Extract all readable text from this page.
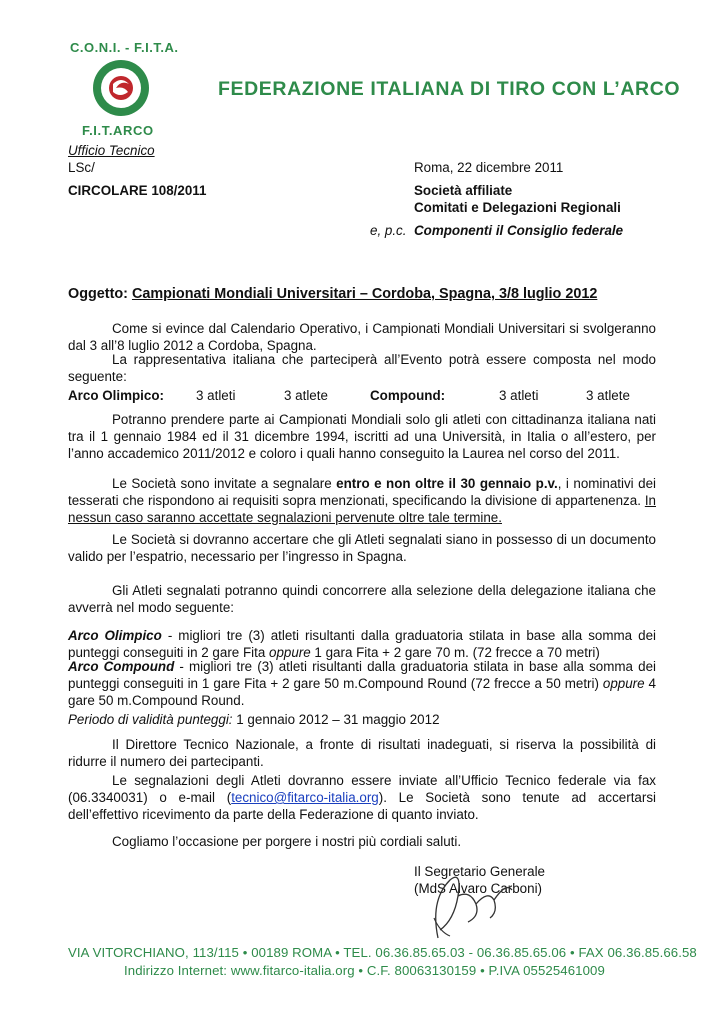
C.O.N.I. - F.I.T.A.
F.I.T.ARCO
FEDERAZIONE ITALIANA DI TIRO CON L’ARCO
Ufficio Tecnico
LSc/	Roma, 22 dicembre 2011
CIRCOLARE 108/2011	Società affiliate
Comitati e Delegazioni Regionali
e, p.c. Componenti il Consiglio federale
Oggetto: Campionati Mondiali Universitari – Cordoba, Spagna, 3/8 luglio 2012
Come si evince dal Calendario Operativo, i Campionati Mondiali Universitari si svolgeranno dal 3 all’8 luglio 2012 a Cordoba, Spagna.
La rappresentativa italiana che parteciperà all’Evento potrà essere composta nel modo seguente:
Arco Olimpico: 3 atleti	3 atlete	Compound:	3 atleti	3 atlete
Potranno prendere parte ai Campionati Mondiali solo gli atleti con cittadinanza italiana nati tra il 1 gennaio 1984 ed il 31 dicembre 1994, iscritti ad una Università, in Italia o all’estero, per l’anno accademico 2011/2012 e coloro i quali hanno conseguito la Laurea nel corso del 2011.
Le Società sono invitate a segnalare entro e non oltre il 30 gennaio p.v., i nominativi dei tesserati che rispondono ai requisiti sopra menzionati, specificando la divisione di appartenenza. In nessun caso saranno accettate segnalazioni pervenute oltre tale termine.
Le Società si dovranno accertare che gli Atleti segnalati siano in possesso di un documento valido per l’espatrio, necessario per l’ingresso in Spagna.
Gli Atleti segnalati potranno quindi concorrere alla selezione della delegazione italiana che avverrà nel modo seguente:
Arco Olimpico - migliori tre (3) atleti risultanti dalla graduatoria stilata in base alla somma dei punteggi conseguiti in 2 gare Fita oppure 1 gara Fita + 2 gare 70 m. (72 frecce a 70 metri)
Arco Compound - migliori tre (3) atleti risultanti dalla graduatoria stilata in base alla somma dei punteggi conseguiti in 1 gare Fita + 2 gare 50 m.Compound Round (72 frecce a 50 metri) oppure 4 gare 50 m.Compound Round.
Periodo di validità punteggi: 1 gennaio 2012 – 31 maggio 2012
Il Direttore Tecnico Nazionale, a fronte di risultati inadeguati, si riserva la possibilità di ridurre il numero dei partecipanti.
Le segnalazioni degli Atleti dovranno essere inviate all’Ufficio Tecnico federale via fax (06.3340031) o e-mail (tecnico@fitarco-italia.org). Le Società sono tenute ad accertarsi dell’effettivo ricevimento da parte della Federazione di quanto inviato.
Cogliamo l’occasione per porgere i nostri più cordiali saluti.
Il Segretario Generale
(MdS Alvaro Carboni)
VIA VITORCHIANO, 113/115 • 00189 ROMA • TEL. 06.36.85.65.03 - 06.36.85.65.06 • FAX 06.36.85.66.58
Indirizzo Internet: www.fitarco-italia.org • C.F. 80063130159 • P.IVA 05525461009
